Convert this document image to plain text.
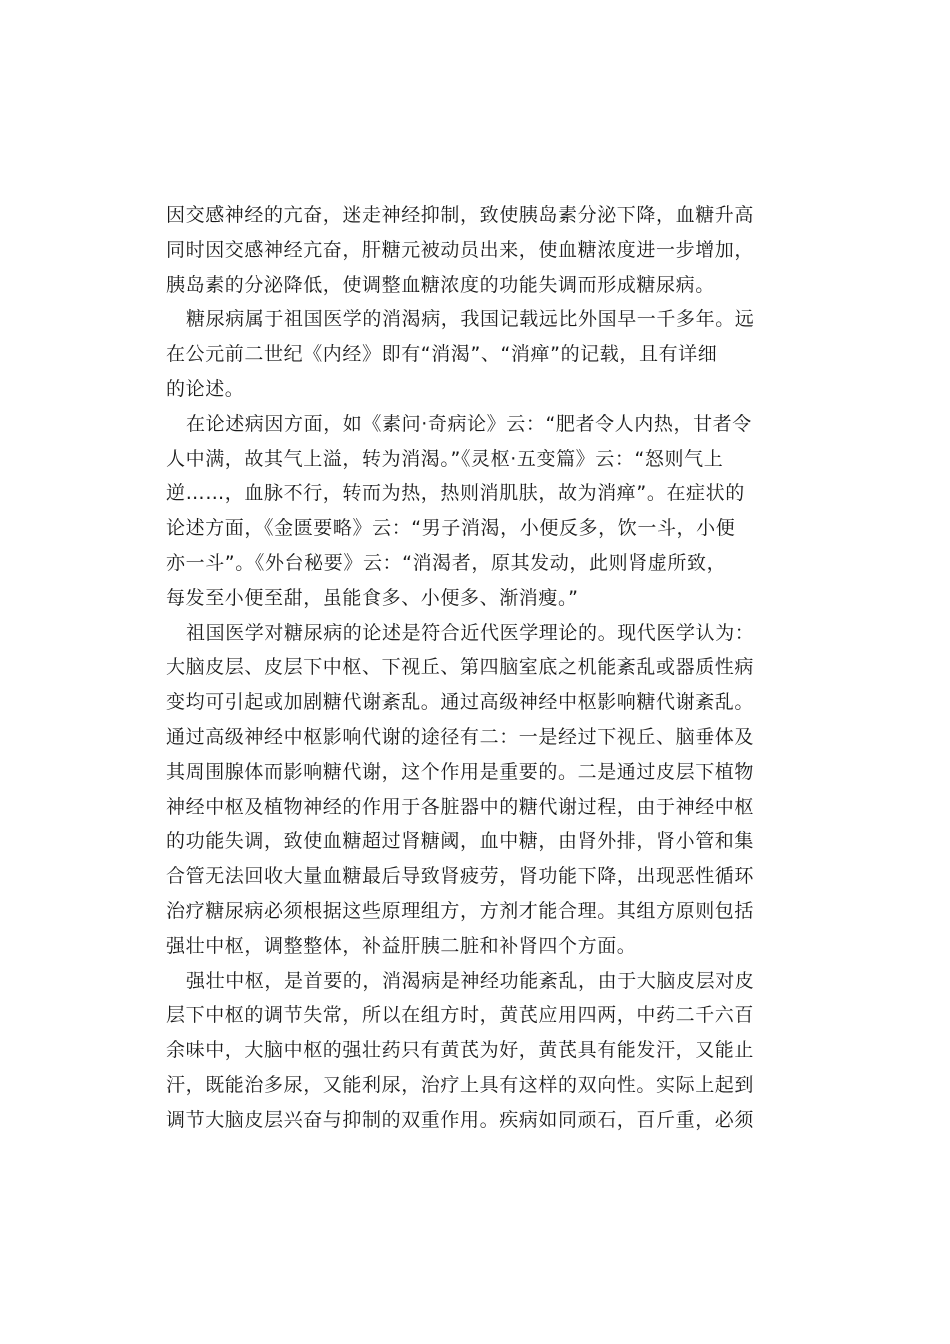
因交感神经的亢奋，迷走神经抑制，致使胰岛素分泌下降，血糖升高
同时因交感神经亢奋，肝糖元被动员出来，使血糖浓度进一步增加，
胰岛素的分泌降低，使调整血糖浓度的功能失调而形成糖尿病。
糖尿病属于祖国医学的消渴病，我国记载远比外国早一千多年。远
在公元前二世纪《内经》即有“消渴”、“消瘅”的记载，且有详细
的论述。
在论述病因方面，如《素问·奇病论》云：“肥者令人内热，甘者令
人中满，故其气上溢，转为消渴。”《灵枢·五变篇》云：“怒则气上
逆……，血脉不行，转而为热，热则消肌肤，故为消瘅”。在症状的
论述方面，《金匮要略》云：“男子消渴，小便反多，饮一斗，小便
亦一斗”。《外台秘要》云：“消渴者，原其发动，此则肾虚所致，
每发至小便至甜，虽能食多、小便多、渐消瘦。”
祖国医学对糖尿病的论述是符合近代医学理论的。现代医学认为：
大脑皮层、皮层下中枢、下视丘、第四脑室底之机能紊乱或器质性病
变均可引起或加剧糖代谢紊乱。通过高级神经中枢影响糖代谢紊乱。
通过高级神经中枢影响代谢的途径有二：一是经过下视丘、脑垂体及
其周围腺体而影响糖代谢，这个作用是重要的。二是通过皮层下植物
神经中枢及植物神经的作用于各脏器中的糖代谢过程，由于神经中枢
的功能失调，致使血糖超过肾糖阈，血中糖，由肾外排，肾小管和集
合管无法回收大量血糖最后导致肾疲劳，肾功能下降，出现恶性循环
治疗糖尿病必须根据这些原理组方，方剂才能合理。其组方原则包括
强壮中枢，调整整体，补益肝胰二脏和补肾四个方面。
强壮中枢，是首要的，消渴病是神经功能紊乱，由于大脑皮层对皮
层下中枢的调节失常，所以在组方时，黄芪应用四两，中药二千六百
余味中，大脑中枢的强壮药只有黄芪为好，黄芪具有能发汗，又能止
汗，既能治多尿，又能利尿，治疗上具有这样的双向性。实际上起到
调节大脑皮层兴奋与抑制的双重作用。疾病如同顽石，百斤重，必须
